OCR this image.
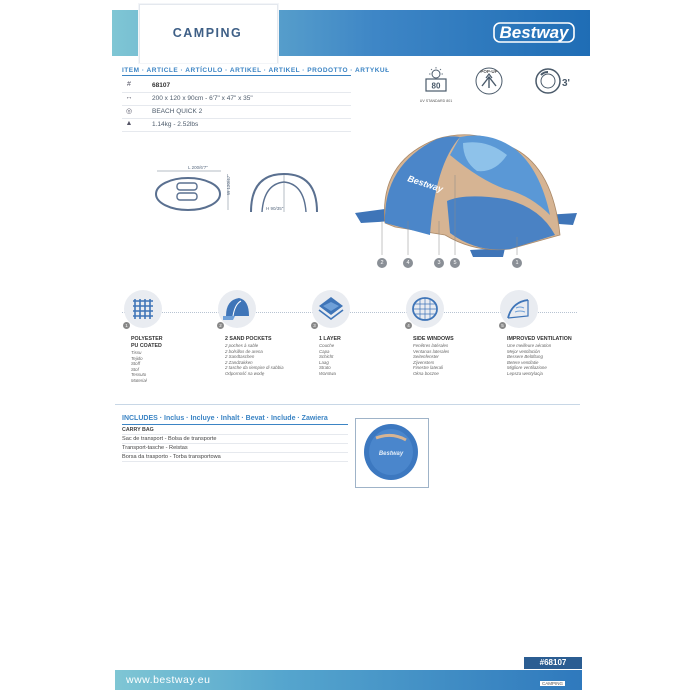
CAMPING	Bestway
ITEM · ARTICLE · ARTÍCULO · ARTIKEL · ARTIKEL · PRODOTTO · ARTYKUŁ
#	68107
↔	200 x 120 x 90cm - 6'7" x 47" x 35"
◎	BEACH QUICK 2
▲	1.14kg - 2.52lbs
80
UV STANDARD 801
POP-UP
3'
L 200/6'7"
W 120/47"
H 90/35"
Bestway
2	4	3	5	1
1
POLYESTER
PU COATED
Tissu
Tejido
Stoff
Stof
Tessuto
Materiał
2
2 SAND POCKETS
2 poches à sable
2 bolsillos de arena
2 Sandtaschen
2 Zandzakken
2 tasche da riempire di sabbia
Odporność na wodę
3
1 LAYER
Couche
Capa
Schicht
Laag
Strato
Warstwa
4
SIDE WINDOWS
Fenêtres latérales
Ventanas laterales
Seitenfenster
Zijvensters
Finestre laterali
Okna boczne
5
IMPROVED VENTILATION
Une meilleure aération
Mejor ventilación
Bessere Belüftung
Betere ventilatie
Migliore ventilazione
Lepsza wentylacja
INCLUDES · Inclus · Incluye · Inhalt · Bevat · Include · Zawiera
CARRY BAG
Sac de transport - Bolsa de transporte
Transport-tasche - Reistas
Borsa da trasporto - Torba transportowa	Bestway
#68107
www.bestway.eu	CAMPING
